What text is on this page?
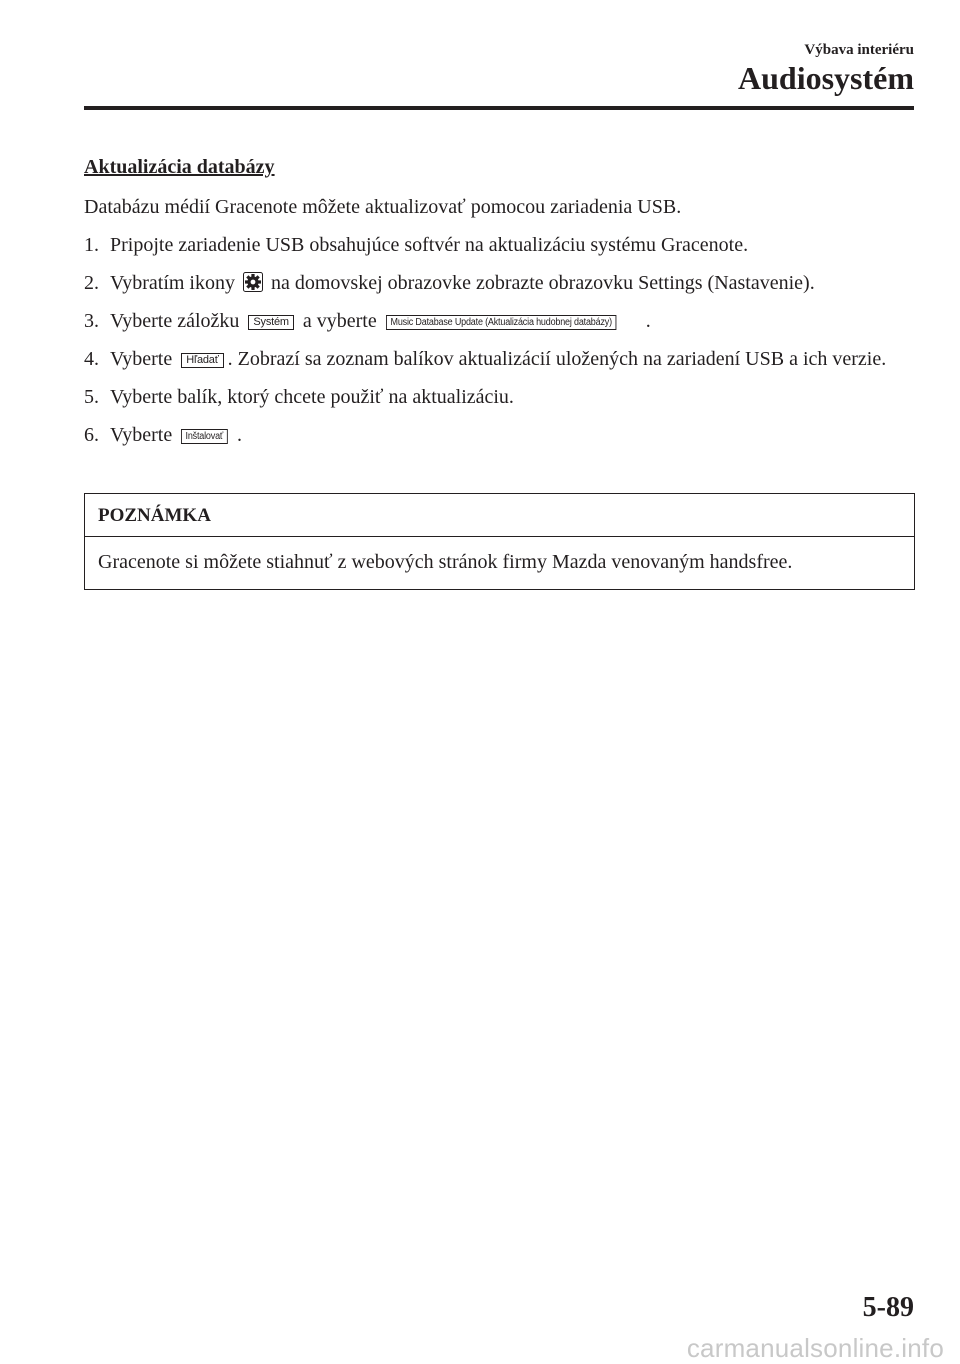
Výbava interiéru
Audiosystém
Aktualizácia databázy
Databázu médií Gracenote môžete aktualizovať pomocou zariadenia USB.
1. Pripojte zariadenie USB obsahujúce softvér na aktualizáciu systému Gracenote.
2. Vybratím ikony na domovskej obrazovke zobrazte obrazovku Settings (Nastavenie).
3. Vyberte záložku Systém a vyberte Music Database Update (Aktualizácia hudobnej databázy) .
4. Vyberte Hľadať . Zobrazí sa zoznam balíkov aktualizácií uložených na zariadení USB a ich verzie.
5. Vyberte balík, ktorý chcete použiť na aktualizáciu.
6. Vyberte Inštalovať .
POZNÁMKA
Gracenote si môžete stiahnuť z webových stránok firmy Mazda venovaným handsfree.
5-89
carmanualsonline.info
